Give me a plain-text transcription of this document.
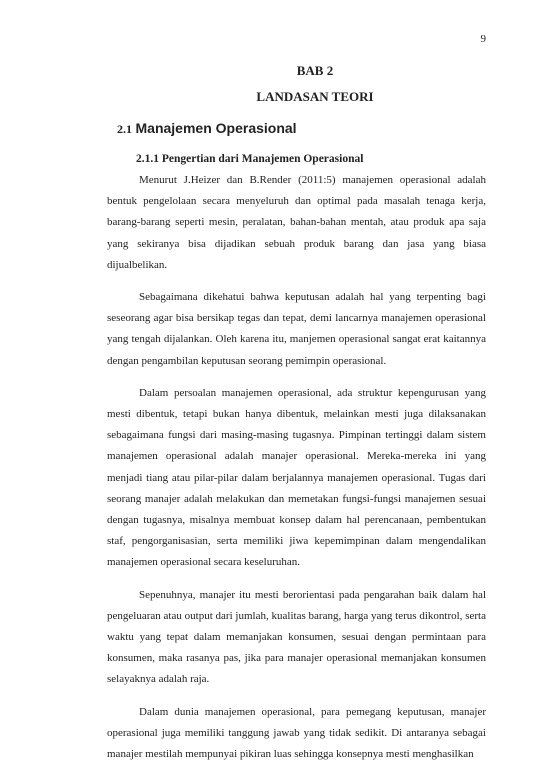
9
BAB 2
LANDASAN TEORI
2.1 Manajemen Operasional
2.1.1 Pengertian dari Manajemen Operasional

Menurut J.Heizer dan B.Render (2011:5) manajemen operasional adalah bentuk pengelolaan secara menyeluruh dan optimal pada masalah tenaga kerja, barang-barang seperti mesin, peralatan, bahan-bahan mentah, atau produk apa saja yang sekiranya bisa dijadikan sebuah produk barang dan jasa yang biasa dijualbelikan.

Sebagaimana dikehatui bahwa keputusan adalah hal yang terpenting bagi seseorang agar bisa bersikap tegas dan tepat, demi lancarnya manajemen operasional yang tengah dijalankan. Oleh karena itu, manjemen operasional sangat erat kaitannya dengan pengambilan keputusan seorang pemimpin operasional.

Dalam persoalan manajemen operasional, ada struktur kepengurusan yang mesti dibentuk, tetapi bukan hanya dibentuk, melainkan mesti juga dilaksanakan sebagaimana fungsi dari masing-masing tugasnya. Pimpinan tertinggi dalam sistem manajemen operasional adalah manajer operasional. Mereka-mereka ini yang menjadi tiang atau pilar-pilar dalam berjalannya manajemen operasional. Tugas dari seorang manajer adalah melakukan dan memetakan fungsi-fungsi manajemen sesuai dengan tugasnya, misalnya membuat konsep dalam hal perencanaan, pembentukan staf, pengorganisasian, serta memiliki jiwa kepemimpinan dalam mengendalikan manajemen operasional secara keseluruhan.

Sepenuhnya, manajer itu mesti berorientasi pada pengarahan baik dalam hal pengeluaran atau output dari jumlah, kualitas barang, harga yang terus dikontrol, serta waktu yang tepat dalam memanjakan konsumen, sesuai dengan permintaan para konsumen, maka rasanya pas, jika para manajer operasional memanjakan konsumen selayaknya adalah raja.

Dalam dunia manajemen operasional, para pemegang keputusan, manajer operasional juga memiliki tanggung jawab yang tidak sedikit. Di antaranya sebagai manajer mestilah mempunyai pikiran luas sehingga konsepnya mesti menghasilkan
